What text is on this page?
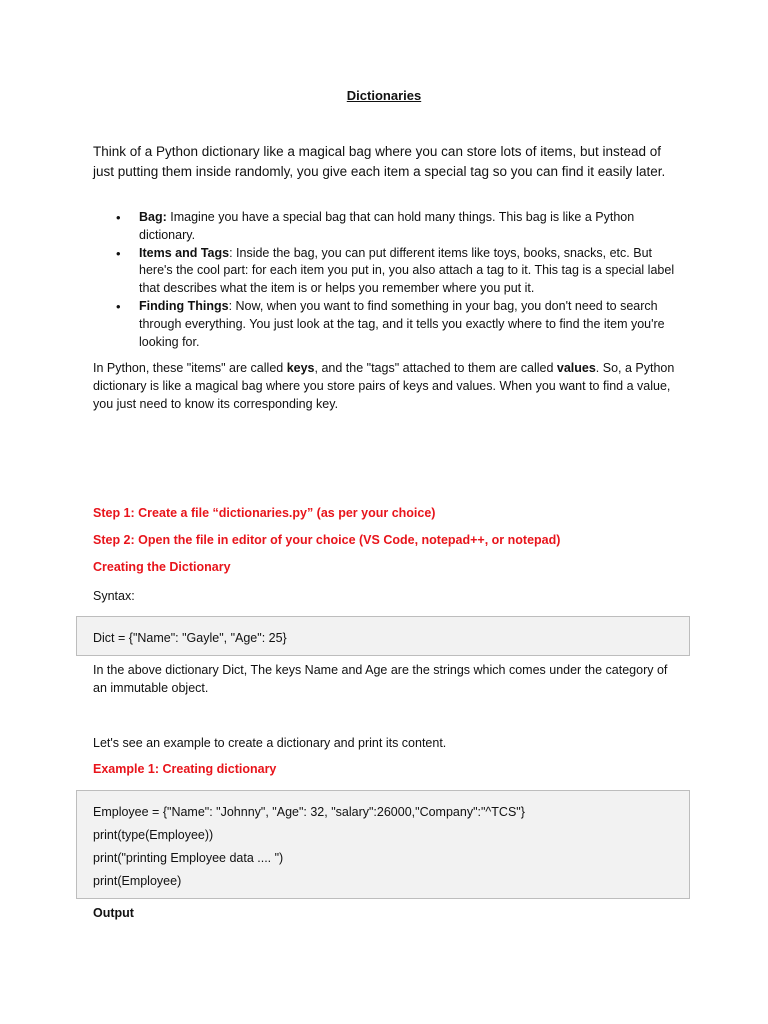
Dictionaries
Think of a Python dictionary like a magical bag where you can store lots of items, but instead of just putting them inside randomly, you give each item a special tag so you can find it easily later.
• Bag: Imagine you have a special bag that can hold many things. This bag is like a Python dictionary.
• Items and Tags: Inside the bag, you can put different items like toys, books, snacks, etc. But here's the cool part: for each item you put in, you also attach a tag to it. This tag is a special label that describes what the item is or helps you remember where you put it.
• Finding Things: Now, when you want to find something in your bag, you don't need to search through everything. You just look at the tag, and it tells you exactly where to find the item you're looking for.
In Python, these "items" are called keys, and the "tags" attached to them are called values. So, a Python dictionary is like a magical bag where you store pairs of keys and values. When you want to find a value, you just need to know its corresponding key.
Step 1: Create a file “dictionaries.py” (as per your choice)
Step 2: Open the file in editor of your choice (VS Code, notepad++, or notepad)
Creating the Dictionary
Syntax:
Dict = {"Name": "Gayle", "Age": 25}
In the above dictionary Dict, The keys Name and Age are the strings which comes under the category of an immutable object.
Let's see an example to create a dictionary and print its content.
Example 1: Creating dictionary
Employee = {"Name": "Johnny", "Age": 32, "salary":26000,"Company":"^TCS"}
print(type(Employee))
print("printing Employee data .... ")
print(Employee)
Output
